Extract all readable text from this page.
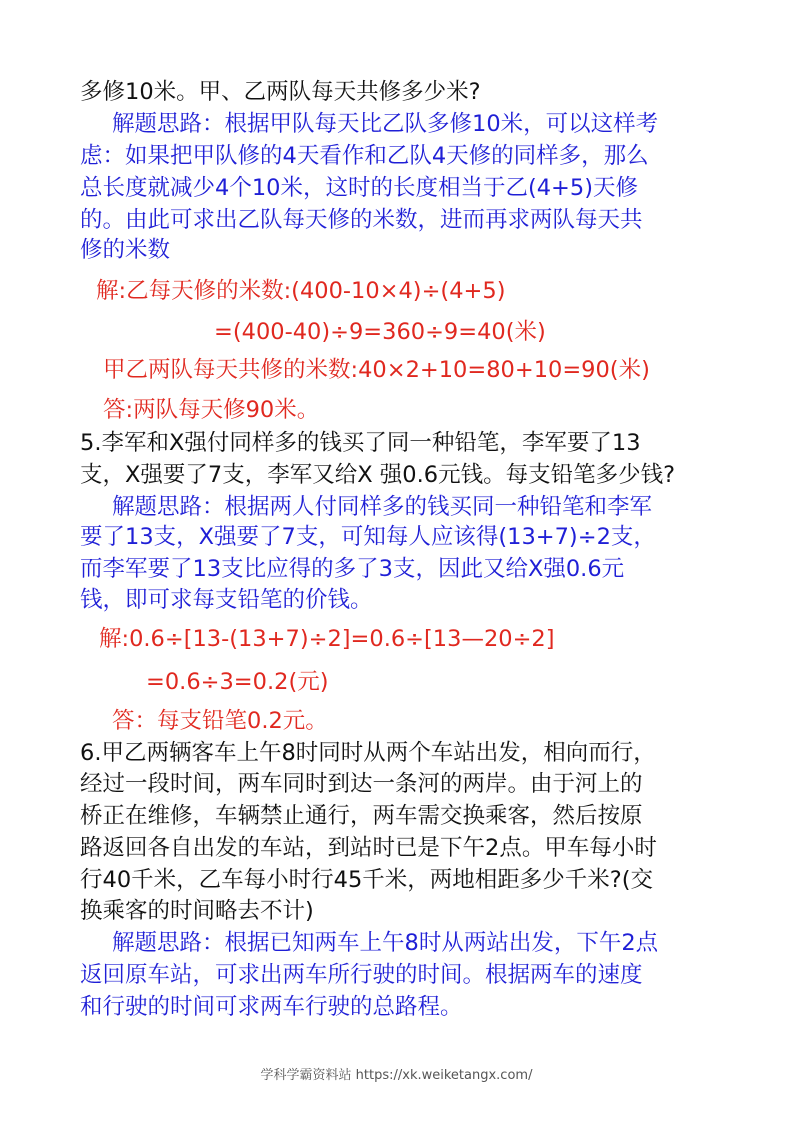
多修10米。甲、乙两队每天共修多少米?
解题思路：根据甲队每天比乙队多修10米，可以这样考
虑：如果把甲队修的4天看作和乙队4天修的同样多，那么
总长度就减少4个10米，这时的长度相当于乙(4+5)天修
的。由此可求出乙队每天修的米数，进而再求两队每天共
修的米数
解:乙每天修的米数:(400-10×4)÷(4+5)
=(400-40)÷9=360÷9=40(米)
甲乙两队每天共修的米数:40×2+10=80+10=90(米)
答:两队每天修90米。
5.李军和X强付同样多的钱买了同一种铅笔，李军要了13
支，X强要了7支，李军又给X 强0.6元钱。每支铅笔多少钱?
解题思路：根据两人付同样多的钱买同一种铅笔和李军
要了13支，X强要了7支，可知每人应该得(13+7)÷2支，
而李军要了13支比应得的多了3支，因此又给X强0.6元
钱，即可求每支铅笔的价钱。
解:0.6÷[13-(13+7)÷2]=0.6÷[13—20÷2]
=0.6÷3=0.2(元)
答：每支铅笔0.2元。
6.甲乙两辆客车上午8时同时从两个车站出发，相向而行，
经过一段时间，两车同时到达一条河的两岸。由于河上的
桥正在维修，车辆禁止通行，两车需交换乘客，然后按原
路返回各自出发的车站，到站时已是下午2点。甲车每小时
行40千米，乙车每小时行45千米，两地相距多少千米?(交
换乘客的时间略去不计)
解题思路：根据已知两车上午8时从两站出发，下午2点
返回原车站，可求出两车所行驶的时间。根据两车的速度
和行驶的时间可求两车行驶的总路程。
学科学霸资料站 https://xk.weiketangx.com/
